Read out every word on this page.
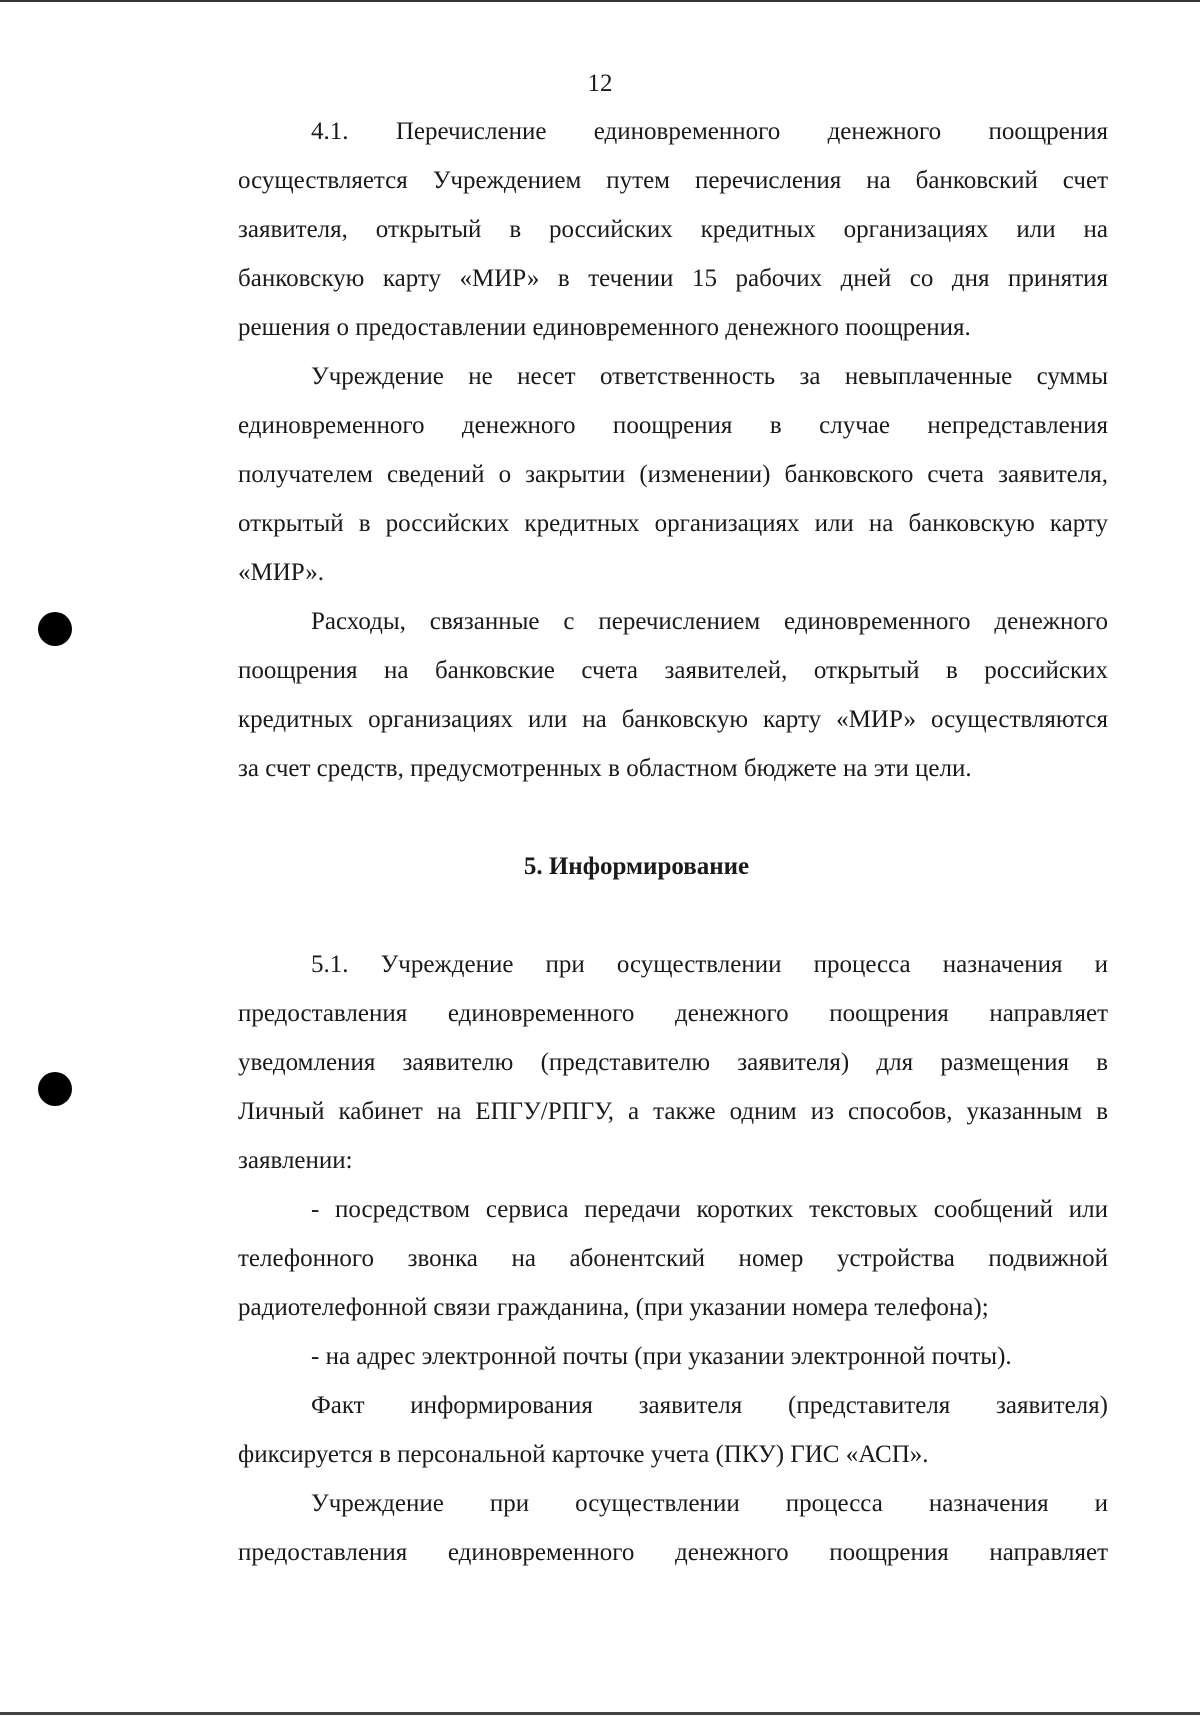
12
4.1. Перечисление единовременного денежного поощрения
осуществляется Учреждением путем перечисления на банковский счет
заявителя, открытый в российских кредитных организациях или на
банковскую карту «МИР» в течении 15 рабочих дней со дня принятия
решения о предоставлении единовременного денежного поощрения.
Учреждение не несет ответственность за невыплаченные суммы
единовременного денежного поощрения в случае непредставления
получателем сведений о закрытии (изменении) банковского счета заявителя,
открытый в российских кредитных организациях или на банковскую карту
«МИР».
Расходы, связанные с перечислением единовременного денежного
поощрения на банковские счета заявителей, открытый в российских
кредитных организациях или на банковскую карту «МИР» осуществляются
за счет средств, предусмотренных в областном бюджете на эти цели.
5. Информирование
5.1. Учреждение при осуществлении процесса назначения и
предоставления единовременного денежного поощрения направляет
уведомления заявителю (представителю заявителя) для размещения в
Личный кабинет на ЕПГУ/РПГУ, а также одним из способов, указанным в
заявлении:
- посредством сервиса передачи коротких текстовых сообщений или
телефонного звонка на абонентский номер устройства подвижной
радиотелефонной связи гражданина, (при указании номера телефона);
- на адрес электронной почты (при указании электронной почты).
Факт информирования заявителя (представителя заявителя)
фиксируется в персональной карточке учета (ПКУ) ГИС «АСП».
Учреждение при осуществлении процесса назначения и
предоставления единовременного денежного поощрения направляет
